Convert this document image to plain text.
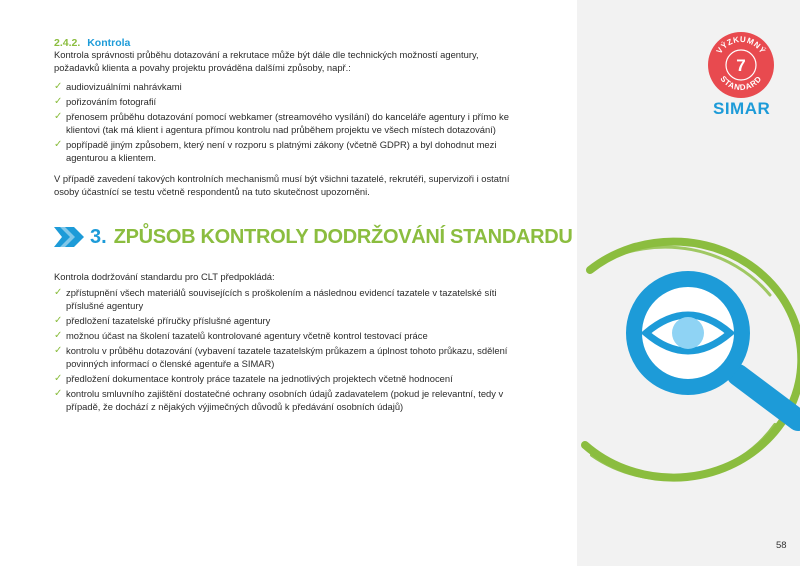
2.4.2. Kontrola
Kontrola správnosti průběhu dotazování a rekrutace může být dále dle technických možností agentury, požadavků klienta a povahy projektu prováděna dalšími způsoby, např.:
✓ audiovizuálními nahrávkami
✓ pořizováním fotografií
✓ přenosem průběhu dotazování pomocí webkamer (streamového vysílání) do kanceláře agentury i přímo ke klientovi (tak má klient i agentura přímou kontrolu nad průběhem projektu ve všech místech dotazování)
✓ popřípadě jiným způsobem, který není v rozporu s platnými zákony (včetně GDPR) a byl dohodnut mezi agenturou a klientem.
V případě zavedení takových kontrolních mechanismů musí být všichni tazatelé, rekrutéři, supervizoři i ostatní osoby účastnící se testu včetně respondentů na tuto skutečnost upozorněni.
3. ZPŮSOB KONTROLY DODRŽOVÁNÍ STANDARDU
Kontrola dodržování standardu pro CLT předpokládá:
✓ zpřístupnění všech materiálů souvisejících s proškolením a následnou evidencí tazatele v tazatelské síti příslušné agentury
✓ předložení tazatelské příručky příslušné agentury
✓ možnou účast na školení tazatelů kontrolované agentury včetně kontrol testovací práce
✓ kontrolu v průběhu dotazování (vybavení tazatele tazatelským průkazem a úplnost tohoto průkazu, sdělení povinných informací o členské agentuře a SIMAR)
✓ předložení dokumentace kontroly práce tazatele na jednotlivých projektech včetně hodnocení
✓ kontrolu smluvního zajištění dostatečné ochrany osobních údajů zadavatelem (pokud je relevantní, tedy v případě, že dochází z nějakých výjimečných důvodů k předávání osobních údajů)
VÝZKUMNÝ
7
STANDARD
SIMAR
58
